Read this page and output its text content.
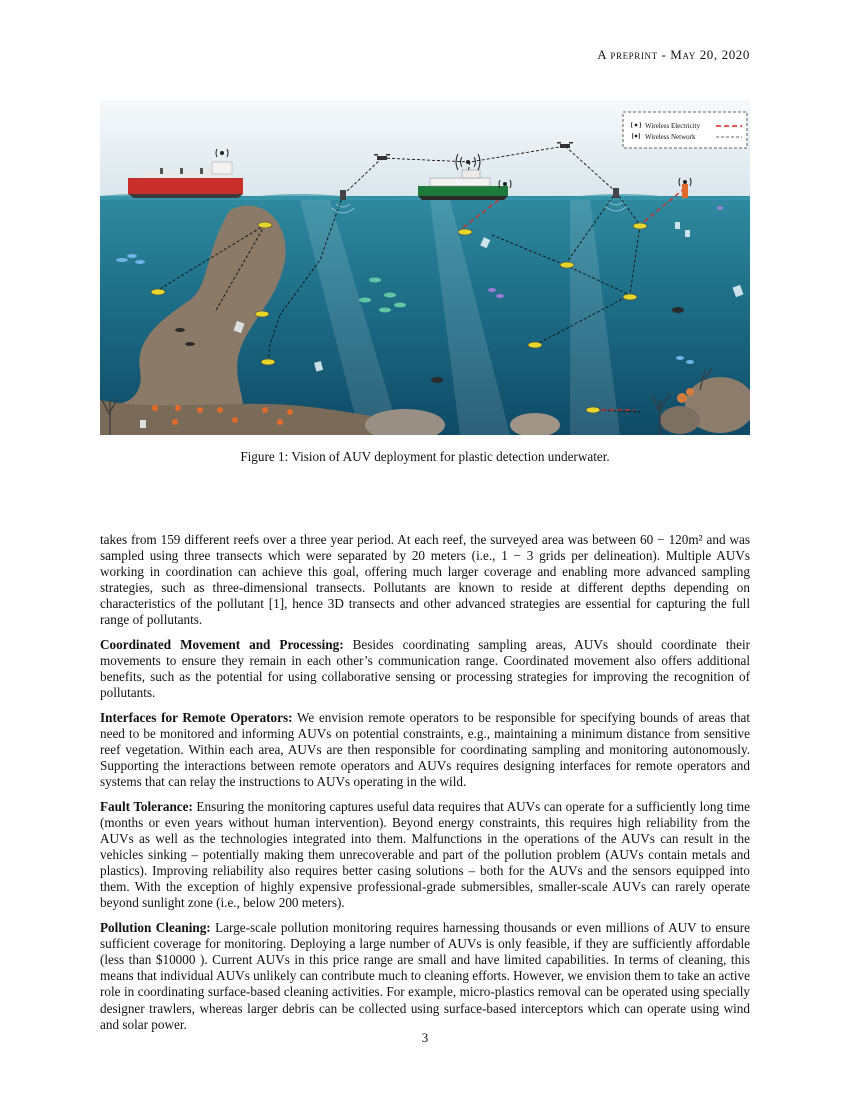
A preprint - May 20, 2020
Wireless Electricity
Wireless Network
Figure 1: Vision of AUV deployment for plastic detection underwater.

takes from 159 different reefs over a three year period. At each reef, the surveyed area was between 60 − 120m² and was sampled using three transects which were separated by 20 meters (i.e., 1 − 3 grids per delineation). Multiple AUVs working in coordination can achieve this goal, offering much larger coverage and enabling more advanced sampling strategies, such as three-dimensional transects. Pollutants are known to reside at different depths depending on characteristics of the pollutant [1], hence 3D transects and other advanced strategies are essential for capturing the full range of pollutants.

Coordinated Movement and Processing: Besides coordinating sampling areas, AUVs should coordinate their movements to ensure they remain in each other’s communication range. Coordinated movement also offers additional benefits, such as the potential for using collaborative sensing or processing strategies for improving the recognition of pollutants.

Interfaces for Remote Operators: We envision remote operators to be responsible for specifying bounds of areas that need to be monitored and informing AUVs on potential constraints, e.g., maintaining a minimum distance from sensitive reef vegetation. Within each area, AUVs are then responsible for coordinating sampling and monitoring autonomously. Supporting the interactions between remote operators and AUVs requires designing interfaces for remote operators and systems that can relay the instructions to AUVs operating in the wild.

Fault Tolerance: Ensuring the monitoring captures useful data requires that AUVs can operate for a sufficiently long time (months or even years without human intervention). Beyond energy constraints, this requires high reliability from the AUVs as well as the technologies integrated into them. Malfunctions in the operations of the AUVs can result in the vehicles sinking – potentially making them unrecoverable and part of the pollution problem (AUVs contain metals and plastics). Improving reliability also requires better casing solutions – both for the AUVs and the sensors equipped into them. With the exception of highly expensive professional-grade submersibles, smaller-scale AUVs can rarely operate beyond sunlight zone (i.e., below 200 meters).

Pollution Cleaning: Large-scale pollution monitoring requires harnessing thousands or even millions of AUV to ensure sufficient coverage for monitoring. Deploying a large number of AUVs is only feasible, if they are sufficiently affordable (less than $10000 ). Current AUVs in this price range are small and have limited capabilities. In terms of cleaning, this means that individual AUVs unlikely can contribute much to cleaning efforts. However, we envision them to take an active role in coordinating surface-based cleaning activities. For example, micro-plastics removal can be operated using specially designer trawlers, whereas larger debris can be collected using surface-based interceptors which can operate using wind and solar power.

3
